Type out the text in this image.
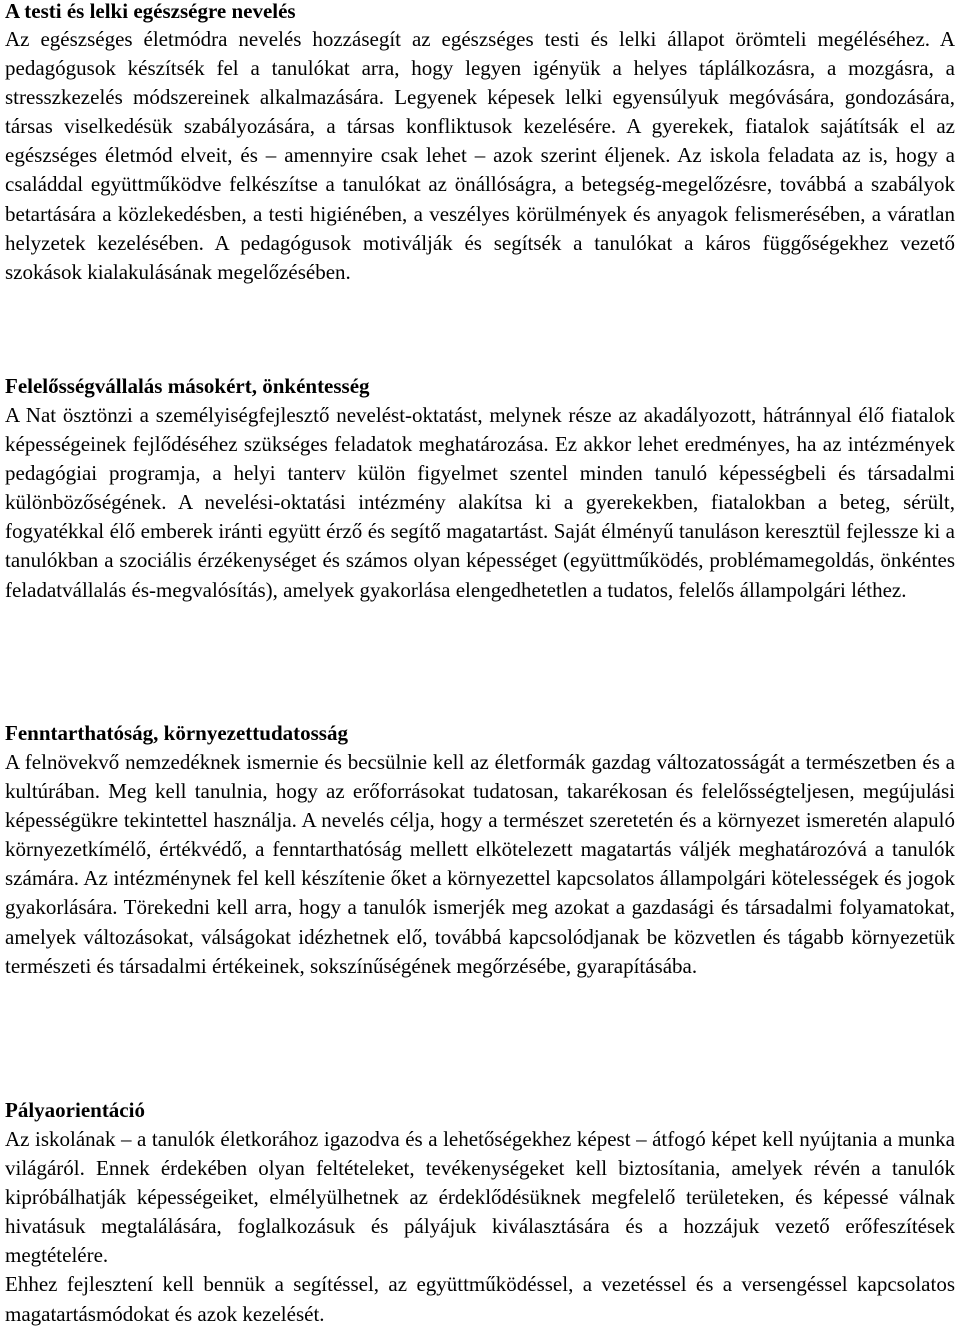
A testi és lelki egészségre nevelés

Az egészséges életmódra nevelés hozzásegít az egészséges testi és lelki állapot örömteli megéléséhez. A pedagógusok készítsék fel a tanulókat arra, hogy legyen igényük a helyes táplálkozásra, a mozgásra, a stresszkezelés módszereinek alkalmazására. Legyenek képesek lelki egyensúlyuk megóvására, gondozására, társas viselkedésük szabályozására, a társas konfliktusok kezelésére. A gyerekek, fiatalok sajátítsák el az egészséges életmód elveit, és – amennyire csak lehet – azok szerint éljenek. Az iskola feladata az is, hogy a családdal együttműködve felkészítse a tanulókat az önállóságra, a betegség-megelőzésre, továbbá a szabályok betartására a közlekedésben, a testi higiénében, a veszélyes körülmények és anyagok felismerésében, a váratlan helyzetek kezelésében. A pedagógusok motiválják és segítsék a tanulókat a káros függőségekhez vezető szokások kialakulásának megelőzésében.

Felelősségvállalás másokért, önkéntesség

A Nat ösztönzi a személyiségfejlesztő nevelést-oktatást, melynek része az akadályozott, hátránnyal élő fiatalok képességeinek fejlődéséhez szükséges feladatok meghatározása. Ez akkor lehet eredményes, ha az intézmények pedagógiai programja, a helyi tanterv külön figyelmet szentel minden tanuló képességbeli és társadalmi különbözőségének. A nevelési-oktatási intézmény alakítsa ki a gyerekekben, fiatalokban a beteg, sérült, fogyatékkal élő emberek iránti együtt érző és segítő magatartást. Saját élményű tanuláson keresztül fejlessze ki a tanulókban a szociális érzékenységet és számos olyan képességet (együttműködés, problémamegoldás, önkéntes feladatvállalás és-megvalósítás), amelyek gyakorlása elengedhetetlen a tudatos, felelős állampolgári léthez.

Fenntarthatóság, környezettudatosság

A felnövekvő nemzedéknek ismernie és becsülnie kell az életformák gazdag változatosságát a természetben és a kultúrában. Meg kell tanulnia, hogy az erőforrásokat tudatosan, takarékosan és felelősségteljesen, megújulási képességükre tekintettel használja. A nevelés célja, hogy a természet szeretetén és a környezet ismeretén alapuló környezetkímélő, értékvédő, a fenntarthatóság mellett elkötelezett magatartás váljék meghatározóvá a tanulók számára. Az intézménynek fel kell készítenie őket a környezettel kapcsolatos állampolgári kötelességek és jogok gyakorlására. Törekedni kell arra, hogy a tanulók ismerjék meg azokat a gazdasági és társadalmi folyamatokat, amelyek változásokat, válságokat idézhetnek elő, továbbá kapcsolódjanak be közvetlen és tágabb környezetük természeti és társadalmi értékeinek, sokszínűségének megőrzésébe, gyarapításába.

Pályaorientáció

Az iskolának – a tanulók életkorához igazodva és a lehetőségekhez képest – átfogó képet kell nyújtania a munka világáról. Ennek érdekében olyan feltételeket, tevékenységeket kell biztosítania, amelyek révén a tanulók kipróbálhatják képességeiket, elmélyülhetnek az érdeklődésüknek megfelelő területeken, és képessé válnak hivatásuk megtalálására, foglalkozásuk és pályájuk kiválasztására és a hozzájuk vezető erőfeszítések megtételére.

Ehhez fejlesztení kell bennük a segítéssel, az együttműködéssel, a vezetéssel és a versengéssel kapcsolatos magatartásmódokat és azok kezelését.
